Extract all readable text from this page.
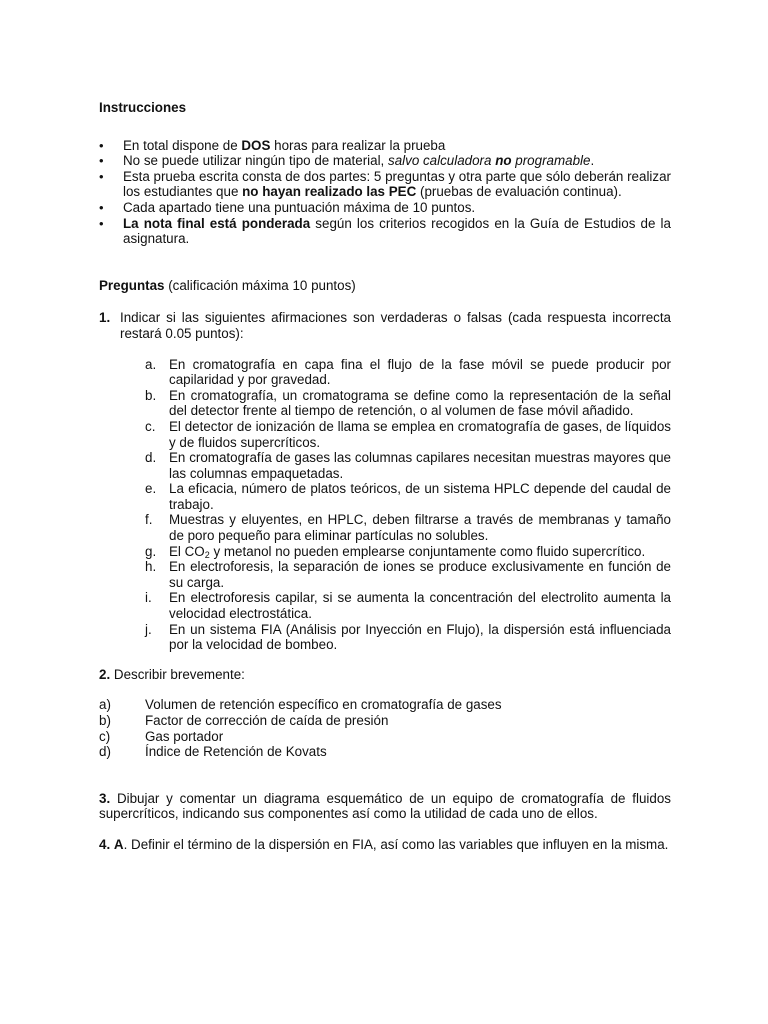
Instrucciones

• En total dispone de DOS horas para realizar la prueba
• No se puede utilizar ningún tipo de material, salvo calculadora no programable.
• Esta prueba escrita consta de dos partes: 5 preguntas y otra parte que sólo deberán realizar los estudiantes que no hayan realizado las PEC (pruebas de evaluación continua).
• Cada apartado tiene una puntuación máxima de 10 puntos.
• La nota final está ponderada según los criterios recogidos en la Guía de Estudios de la asignatura.

Preguntas (calificación máxima 10 puntos)

1. Indicar si las siguientes afirmaciones son verdaderas o falsas (cada respuesta incorrecta restará 0.05 puntos):
a. En cromatografía en capa fina el flujo de la fase móvil se puede producir por capilaridad y por gravedad.
b. En cromatografía, un cromatograma se define como la representación de la señal del detector frente al tiempo de retención, o al volumen de fase móvil añadido.
c. El detector de ionización de llama se emplea en cromatografía de gases, de líquidos y de fluidos supercríticos.
d. En cromatografía de gases las columnas capilares necesitan muestras mayores que las columnas empaquetadas.
e. La eficacia, número de platos teóricos, de un sistema HPLC depende del caudal de trabajo.
f. Muestras y eluyentes, en HPLC, deben filtrarse a través de membranas y tamaño de poro pequeño para eliminar partículas no solubles.
g. El $CO_2$ y metanol no pueden emplearse conjuntamente como fluido supercrítico.
h. En electroforesis, la separación de iones se produce exclusivamente en función de su carga.
i. En electroforesis capilar, si se aumenta la concentración del electrolito aumenta la velocidad electrostática.
j. En un sistema FIA (Análisis por Inyección en Flujo), la dispersión está influenciada por la velocidad de bombeo.

2. Describir brevemente:

a)	Volumen de retención específico en cromatografía de gases
b)	Factor de corrección de caída de presión
c)	Gas portador
d)	Índice de Retención de Kovats

3. Dibujar y comentar un diagrama esquemático de un equipo de cromatografía de fluidos supercríticos, indicando sus componentes así como la utilidad de cada uno de ellos.

4. A. Definir el término de la dispersión en FIA, así como las variables que influyen en la misma.
